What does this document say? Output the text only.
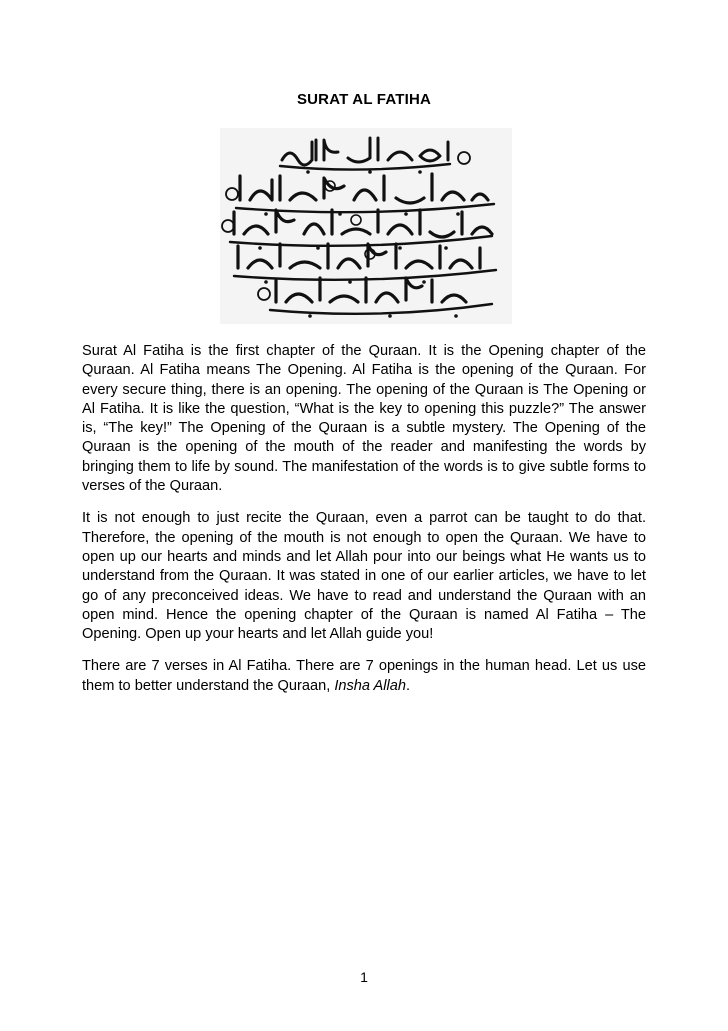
SURAT AL FATIHA

Surat Al Fatiha is the first chapter of the Quraan. It is the Opening chapter of the Quraan. Al Fatiha means The Opening. Al Fatiha is the opening of the Quraan. For every secure thing, there is an opening. The opening of the Quraan is The Opening or Al Fatiha. It is like the question, “What is the key to opening this puzzle?” The answer is, “The key!” The Opening of the Quraan is a subtle mystery. The Opening of the Quraan is the opening of the mouth of the reader and manifesting the words by bringing them to life by sound. The manifestation of the words is to give subtle forms to verses of the Quraan.

It is not enough to just recite the Quraan, even a parrot can be taught to do that. Therefore, the opening of the mouth is not enough to open the Quraan. We have to open up our hearts and minds and let Allah pour into our beings what He wants us to understand from the Quraan. It was stated in one of our earlier articles, we have to let go of any preconceived ideas. We have to read and understand the Quraan with an open mind. Hence the opening chapter of the Quraan is named Al Fatiha – The Opening. Open up your hearts and let Allah guide you!

There are 7 verses in Al Fatiha. There are 7 openings in the human head. Let us use them to better understand the Quraan, Insha Allah.

1
